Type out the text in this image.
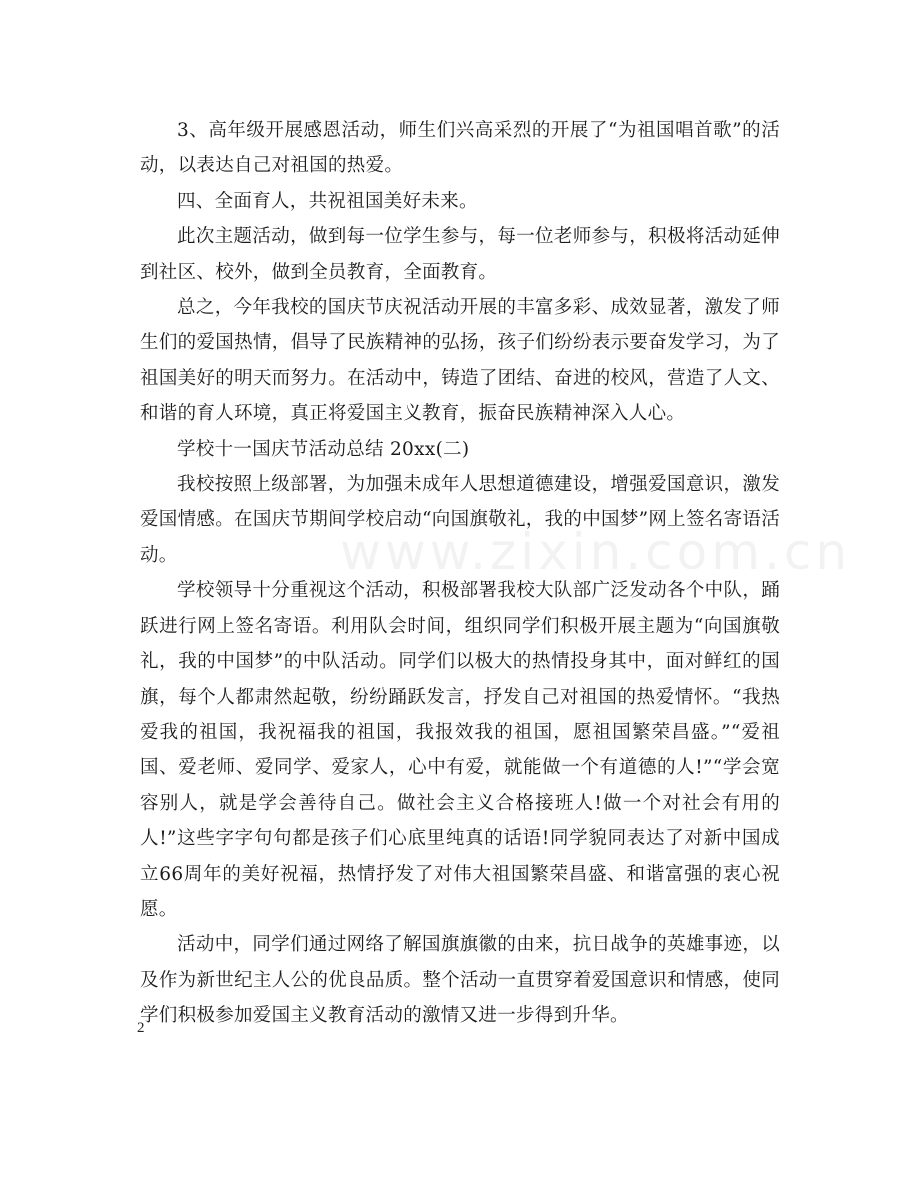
www.zixin.com.cn

3、高年级开展感恩活动，师生们兴高采烈的开展了“为祖国唱首歌”的活动，以表达自己对祖国的热爱。

四、全面育人，共祝祖国美好未来。

此次主题活动，做到每一位学生参与，每一位老师参与，积极将活动延伸到社区、校外，做到全员教育，全面教育。

总之，今年我校的国庆节庆祝活动开展的丰富多彩、成效显著，激发了师生们的爱国热情，倡导了民族精神的弘扬，孩子们纷纷表示要奋发学习，为了祖国美好的明天而努力。在活动中，铸造了团结、奋进的校风，营造了人文、和谐的育人环境，真正将爱国主义教育，振奋民族精神深入人心。

学校十一国庆节活动总结 20xx(二)

我校按照上级部署，为加强未成年人思想道德建设，增强爱国意识，激发爱国情感。在国庆节期间学校启动“向国旗敬礼，我的中国梦”网上签名寄语活动。

学校领导十分重视这个活动，积极部署我校大队部广泛发动各个中队，踊跃进行网上签名寄语。利用队会时间，组织同学们积极开展主题为“向国旗敬礼，我的中国梦”的中队活动。同学们以极大的热情投身其中，面对鲜红的国旗，每个人都肃然起敬，纷纷踊跃发言，抒发自己对祖国的热爱情怀。“我热爱我的祖国，我祝福我的祖国，我报效我的祖国，愿祖国繁荣昌盛。”“爱祖国、爱老师、爱同学、爱家人，心中有爱，就能做一个有道德的人!”“学会宽容别人，就是学会善待自己。做社会主义合格接班人!做一个对社会有用的人!”这些字字句句都是孩子们心底里纯真的话语!同学貌同表达了对新中国成立66周年的美好祝福，热情抒发了对伟大祖国繁荣昌盛、和谐富强的衷心祝愿。

活动中，同学们通过网络了解国旗旗徽的由来，抗日战争的英雄事迹，以及作为新世纪主人公的优良品质。整个活动一直贯穿着爱国意识和情感，使同学们积极参加爱国主义教育活动的激情又进一步得到升华。

2
